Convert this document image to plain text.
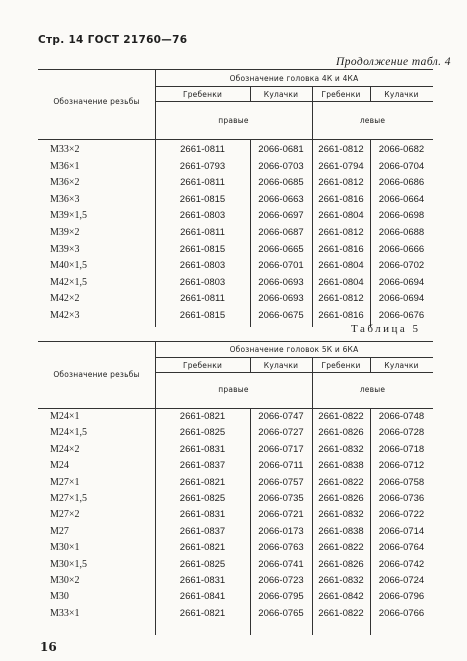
Стр. 14 ГОСТ 21760—76
Продолжение табл. 4
Обозначение головка 4К и 4КА
Обозначение резьбы
Гребенки	Кулачки	Гребенки	Кулачки
правые	левые
М33×2	2661-0811	2066-0681	2661-0812	2066-0682
М36×1	2661-0793	2066-0703	2661-0794	2066-0704
М36×2	2661-0811	2066-0685	2661-0812	2066-0686
М36×3	2661-0815	2066-0663	2661-0816	2066-0664
М39×1,5	2661-0803	2066-0697	2661-0804	2066-0698
М39×2	2661-0811	2066-0687	2661-0812	2066-0688
М39×3	2661-0815	2066-0665	2661-0816	2066-0666
М40×1,5	2661-0803	2066-0701	2661-0804	2066-0702
М42×1,5	2661-0803	2066-0693	2661-0804	2066-0694
М42×2	2661-0811	2066-0693	2661-0812	2066-0694
М42×3	2661-0815	2066-0675	2661-0816	2066-0676
Таблица 5
Обозначение головок 5К и 6КА
Обозначение резьбы
Гребенки	Кулачки	Гребенки	Кулачки
правые	левые
М24×1	2661-0821	2066-0747	2661-0822	2066-0748
М24×1,5	2661-0825	2066-0727	2661-0826	2066-0728
М24×2	2661-0831	2066-0717	2661-0832	2066-0718
М24	2661-0837	2066-0711	2661-0838	2066-0712
М27×1	2661-0821	2066-0757	2661-0822	2066-0758
М27×1,5	2661-0825	2066-0735	2661-0826	2066-0736
М27×2	2661-0831	2066-0721	2661-0832	2066-0722
М27	2661-0837	2066-0173	2661-0838	2066-0714
М30×1	2661-0821	2066-0763	2661-0822	2066-0764
М30×1,5	2661-0825	2066-0741	2661-0826	2066-0742
М30×2	2661-0831	2066-0723	2661-0832	2066-0724
М30	2661-0841	2066-0795	2661-0842	2066-0796
М33×1	2661-0821	2066-0765	2661-0822	2066-0766
16
